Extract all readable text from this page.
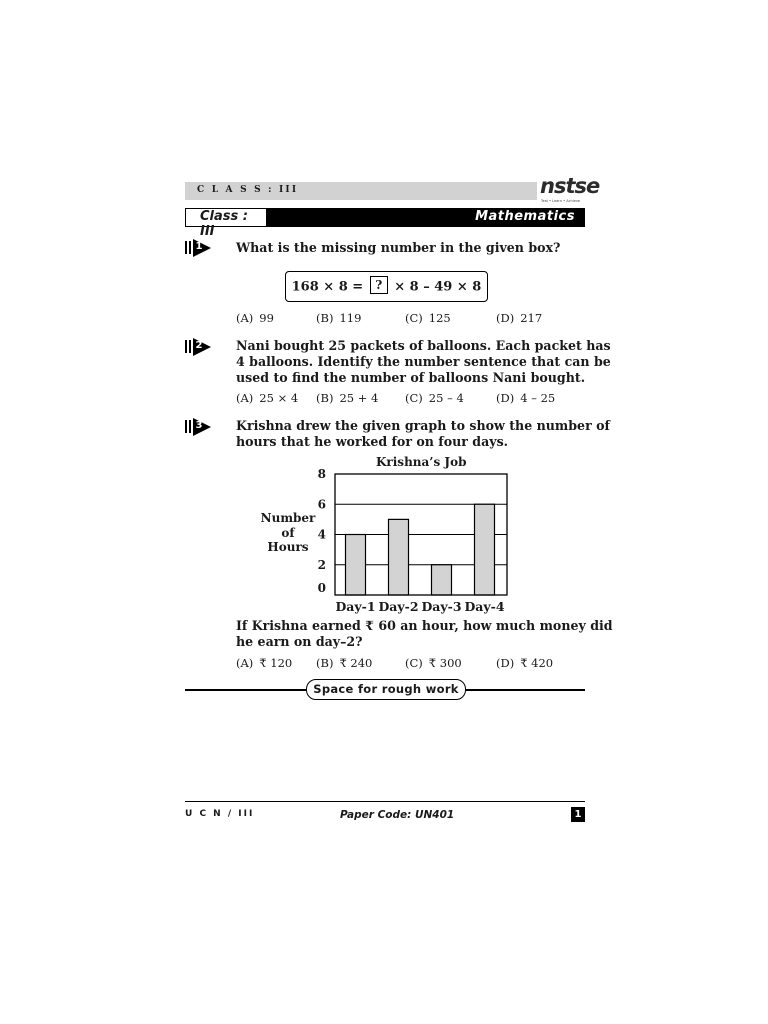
C L A S S : III	nstse
Test • Learn • Achieve
Class : III
Mathematics
1	What is the missing number in the given box?
168 × 8 = ? × 8 – 49 × 8
(A) 99	(B) 119	(C) 125	(D) 217
2	Nani bought 25 packets of balloons. Each packet has
4 balloons. Identify the number sentence that can be
used to find the number of balloons Nani bought.
(A) 25 × 4 (B) 25 + 4 (C) 25 – 4	(D) 4 – 25
3	Krishna drew the given graph to show the number of
hours that he worked for on four days.
Krishna’s Job
Number
of
Hours
0
2
4
6
8
Day-1 Day-2 Day-3 Day-4
If Krishna earned ₹ 60 an hour, how much money did
he earn on day–2?
(A) ₹ 120 (B) ₹ 240	(C) ₹ 300	(D) ₹ 420
Space for rough work
U C N / III	Paper Code: UN401	1
